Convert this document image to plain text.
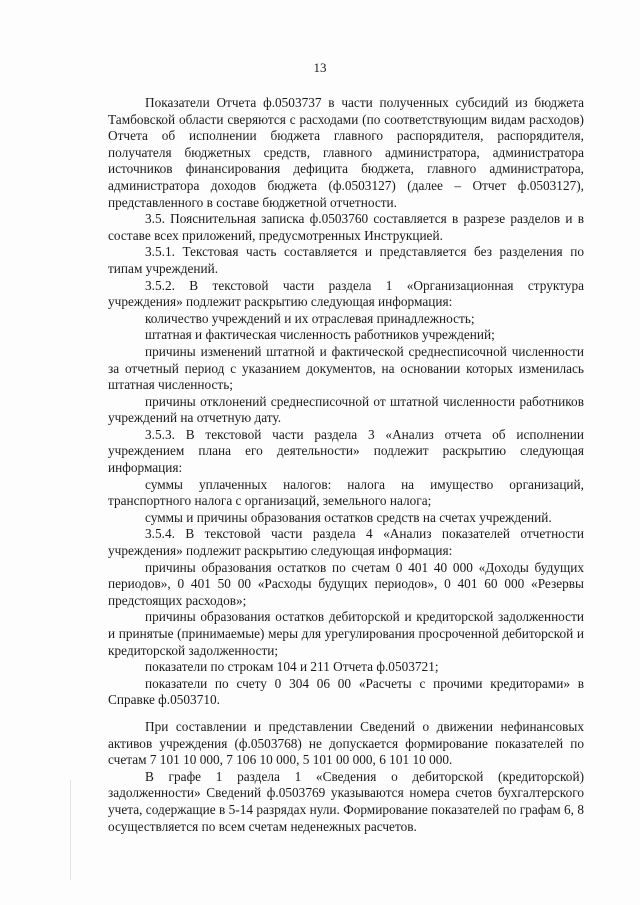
13

Показатели Отчета ф.0503737 в части полученных субсидий из бюджета Тамбовской области сверяются с расходами (по соответствующим видам расходов) Отчета об исполнении бюджета главного распорядителя, распорядителя, получателя бюджетных средств, главного администратора, администратора источников финансирования дефицита бюджета, главного администратора, администратора доходов бюджета (ф.0503127) (далее – Отчет ф.0503127), представленного в составе бюджетной отчетности.

3.5. Пояснительная записка ф.0503760 составляется в разрезе разделов и в составе всех приложений, предусмотренных Инструкцией.

3.5.1. Текстовая часть составляется и представляется без разделения по типам учреждений.

3.5.2. В текстовой части раздела 1 «Организационная структура учреждения» подлежит раскрытию следующая информация:

количество учреждений и их отраслевая принадлежность;

штатная и фактическая численность работников учреждений;

причины изменений штатной и фактической среднесписочной численности за отчетный период с указанием документов, на основании которых изменилась штатная численность;

причины отклонений среднесписочной от штатной численности работников учреждений на отчетную дату.

3.5.3. В текстовой части раздела 3 «Анализ отчета об исполнении учреждением плана его деятельности» подлежит раскрытию следующая информация:

суммы уплаченных налогов: налога на имущество организаций, транспортного налога с организаций, земельного налога;

суммы и причины образования остатков средств на счетах учреждений.

3.5.4. В текстовой части раздела 4 «Анализ показателей отчетности учреждения» подлежит раскрытию следующая информация:

причины образования остатков по счетам 0 401 40 000 «Доходы будущих периодов», 0 401 50 00 «Расходы будущих периодов», 0 401 60 000 «Резервы предстоящих расходов»;

причины образования остатков дебиторской и кредиторской задолженности и принятые (принимаемые) меры для урегулирования просроченной дебиторской и кредиторской задолженности;

показатели по строкам 104 и 211 Отчета ф.0503721;

показатели по счету 0 304 06 00 «Расчеты с прочими кредиторами» в Справке ф.0503710.

При составлении и представлении Сведений о движении нефинансовых активов учреждения (ф.0503768) не допускается формирование показателей по счетам 7 101 10 000, 7 106 10 000, 5 101 00 000, 6 101 10 000.

В графе 1 раздела 1 «Сведения о дебиторской (кредиторской) задолженности» Сведений ф.0503769 указываются номера счетов бухгалтерского учета, содержащие в 5-14 разрядах нули. Формирование показателей по графам 6, 8 осуществляется по всем счетам неденежных расчетов.
